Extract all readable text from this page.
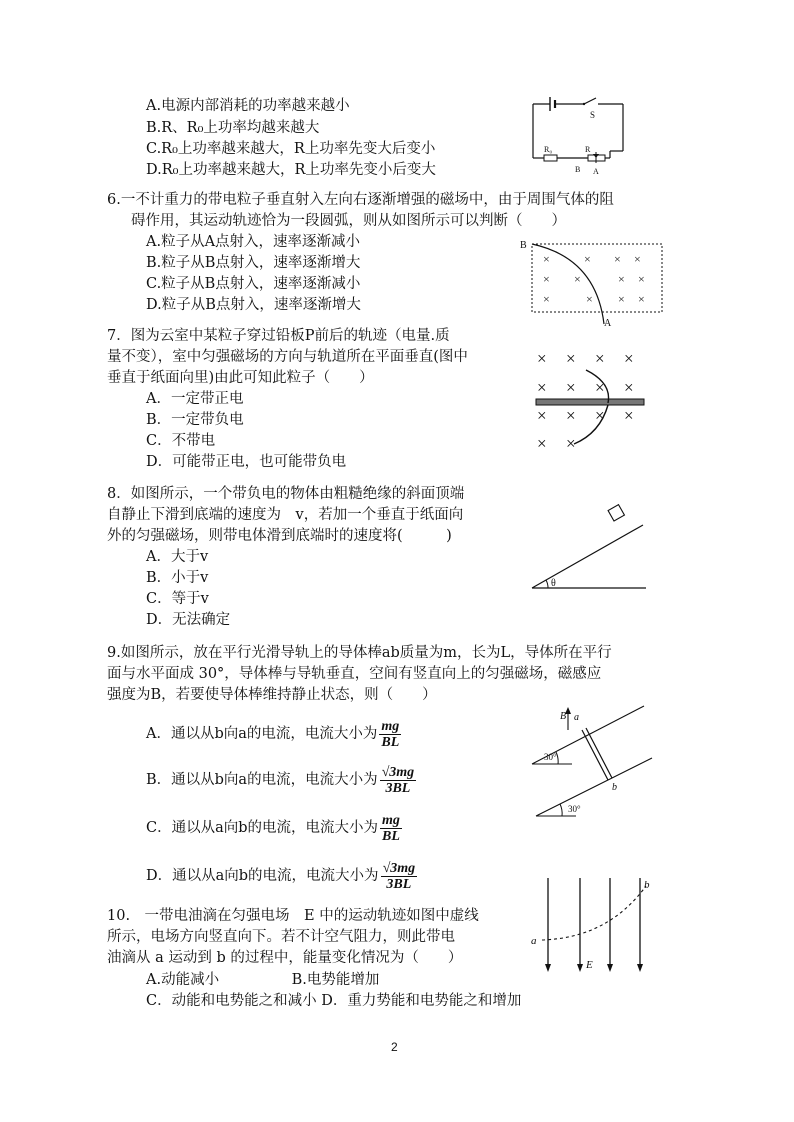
A.电源内部消耗的功率越来越小
B.R、R₀上功率均越来越大
C.R₀上功率越来越大，R上功率先变大后变小
D.R₀上功率越来越大，R上功率先变小后变大
S
R₀	R
B A
6.一不计重力的带电粒子垂直射入左向右逐渐增强的磁场中，由于周围气体的阻
碍作用，其运动轨迹恰为一段圆弧，则从如图所示可以判断（　　）
A.粒子从A点射入，速率逐渐减小
B.粒子从B点射入，速率逐渐增大
C.粒子从B点射入，速率逐渐减小
D.粒子从B点射入，速率逐渐增大
B
A
×	× × ×
× ×	× ×
×	× × ×
7．图为云室中某粒子穿过铅板P前后的轨迹（电量.质
量不变），室中匀强磁场的方向与轨道所在平面垂直(图中
垂直于纸面向里)由此可知此粒子（　　）
A．一定带正电
B．一定带负电
C．不带电
D．可能带正电，也可能带负电
× × × ×
× × × ×
× × × ×
× ×
8．如图所示，一个带负电的物体由粗糙绝缘的斜面顶端
自静止下滑到底端的速度为　v，若加一个垂直于纸面向
外的匀强磁场，则带电体滑到底端时的速度将(　　　)
A．大于v
B．小于v
C．等于v
D．无法确定
θ
9.如图所示，放在平行光滑导轨上的导体棒ab质量为m，长为L，导体所在平行
面与水平面成 30°，导体棒与导轨垂直，空间有竖直向上的匀强磁场，磁感应
强度为B，若要使导体棒维持静止状态，则（　　）
A．通以从b向a的电流，电流大小为 $\frac{mg}{BL}$
B．通以从b向a的电流，电流大小为 $\frac{√3mg}{3BL}$
C．通以从a向b的电流，电流大小为 $\frac{mg}{BL}$
D．通以从a向b的电流，电流大小为 $\frac{√3mg}{3BL}$
B a
b
30°
30°
10.　一带电油滴在匀强电场　E 中的运动轨迹如图中虚线
所示，电场方向竖直向下。若不计空气阻力，则此带电
油滴从 a 运动到 b 的过程中，能量变化情况为（　　）
A.动能减小　　　　　B.电势能增加
C．动能和电势能之和减小 D．重力势能和电势能之和增加
a
b
E
2
